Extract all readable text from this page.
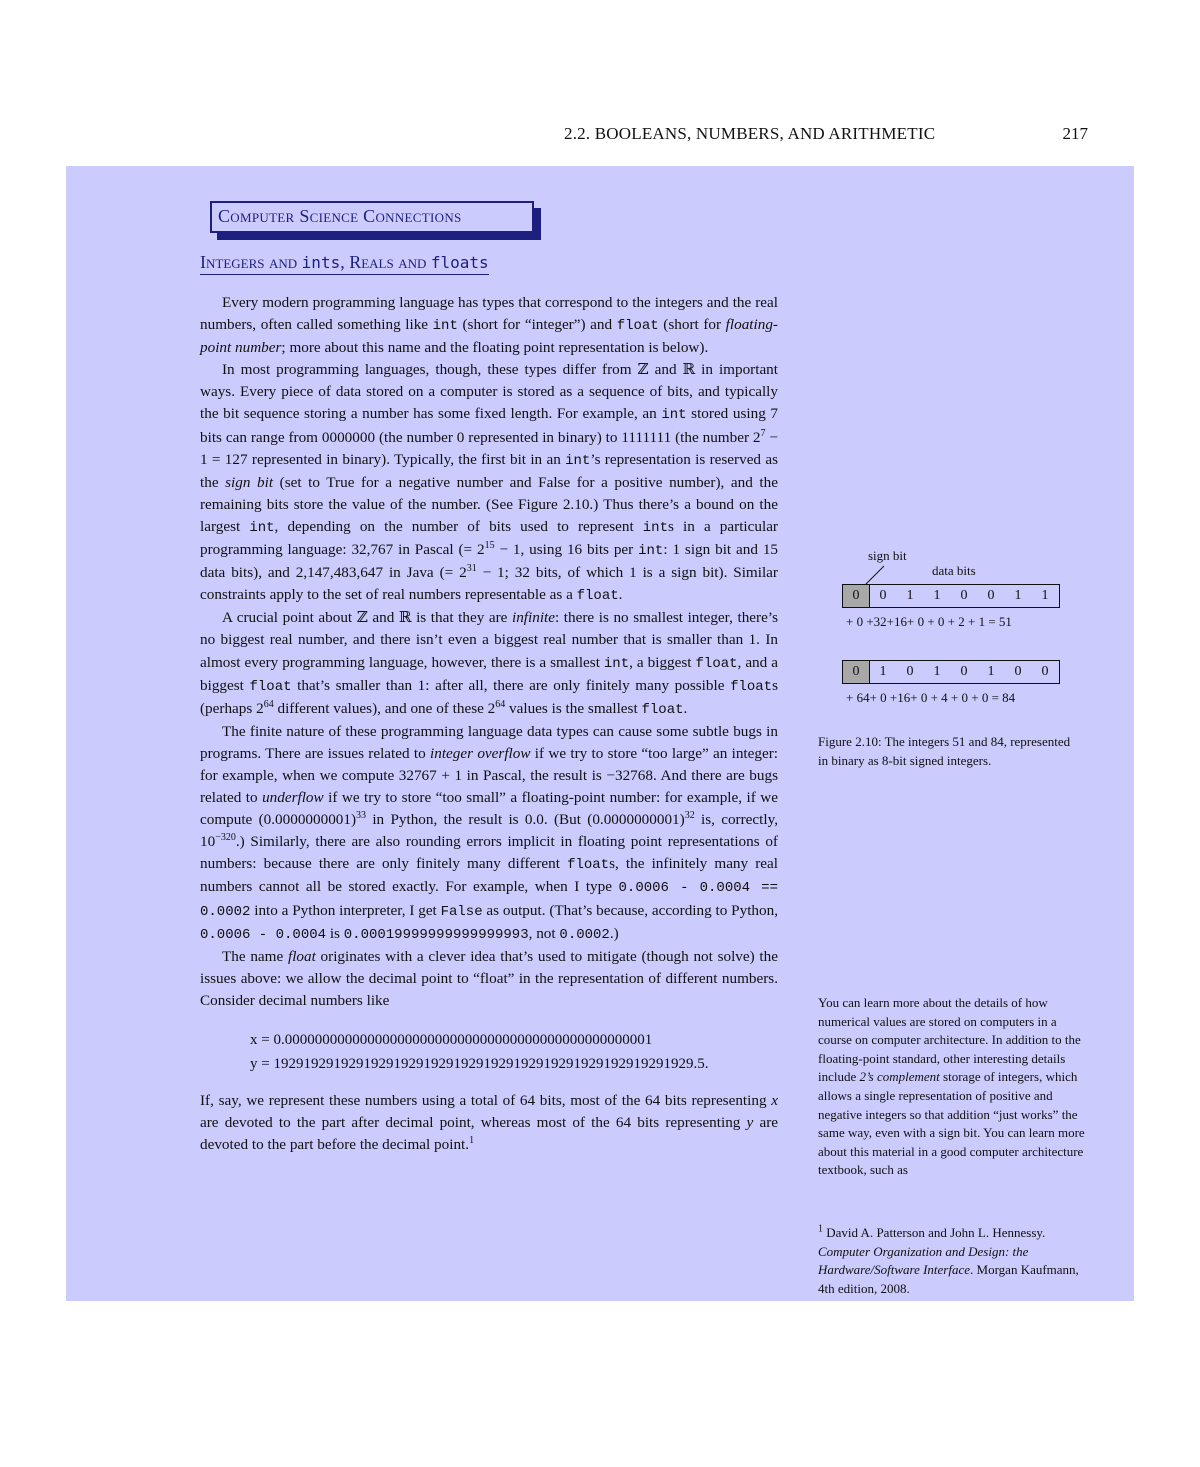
2.2. BOOLEANS, NUMBERS, AND ARITHMETIC	217
Computer Science Connections
Integers and ints, Reals and floats

Every modern programming language has types that correspond to the integers and the real numbers, often called something like int (short for “integer”) and float (short for floating-point number; more about this name and the floating point representation is below).

In most programming languages, though, these types differ from ℤ and ℝ in important ways. Every piece of data stored on a computer is stored as a sequence of bits, and typically the bit sequence storing a number has some fixed length. For example, an int stored using 7 bits can range from 0000000 (the number 0 represented in binary) to 1111111 (the number $2^7 - 1 = 127$ represented in binary). Typically, the first bit in an int’s representation is reserved as the sign bit (set to True for a negative number and False for a positive number), and the remaining bits store the value of the number. (See Figure 2.10.) Thus there’s a bound on the largest int, depending on the number of bits used to represent ints in a particular programming language: 32,767 in Pascal (= $2^{15} - 1$, using 16 bits per int: 1 sign bit and 15 data bits), and 2,147,483,647 in Java (= $2^{31} - 1$; 32 bits, of which 1 is a sign bit). Similar constraints apply to the set of real numbers representable as a float.

A crucial point about ℤ and ℝ is that they are infinite: there is no smallest integer, there’s no biggest real number, and there isn’t even a biggest real number that is smaller than 1. In almost every programming language, however, there is a smallest int, a biggest float, and a biggest float that’s smaller than 1: after all, there are only finitely many possible floats (perhaps $2^{64}$ different values), and one of these $2^{64}$ values is the smallest float.

The finite nature of these programming language data types can cause some subtle bugs in programs. There are issues related to integer overflow if we try to store “too large” an integer: for example, when we compute 32767 + 1 in Pascal, the result is −32768. And there are bugs related to underflow if we try to store “too small” a floating-point number: for example, if we compute $(0.0000000001)^{33}$ in Python, the result is 0.0. (But $(0.0000000001)^{32}$ is, correctly, $10^{-320}$.) Similarly, there are also rounding errors implicit in floating point representations of numbers: because there are only finitely many different floats, the infinitely many real numbers cannot all be stored exactly. For example, when I type 0.0006 - 0.0004 == 0.0002 into a Python interpreter, I get False as output. (That’s because, according to Python, 0.0006 - 0.0004 is 0.00019999999999999993, not 0.0002.)

The name float originates with a clever idea that’s used to mitigate (though not solve) the issues above: we allow the decimal point to “float” in the representation of different numbers. Consider decimal numbers like

x = 0.0000000000000000000000000000000000000000000000001
y = 19291929192919291929192919291929192919291929192919291929.5.

If, say, we represent these numbers using a total of 64 bits, most of the 64 bits representing x are devoted to the part after decimal point, whereas most of the 64 bits representing y are devoted to the part before the decimal point.$^1$

sign bit
data bits
0	0	1	1	0	0	1	1
+ 0 +32+16+ 0 + 0 + 2 + 1 = 51
0	1	0	1	0	1	0	0
+ 64+ 0 +16+ 0 + 4 + 0 + 0 = 84
Figure 2.10: The integers 51 and 84, represented in binary as 8-bit signed integers.
You can learn more about the details of how numerical values are stored on computers in a course on computer architecture. In addition to the floating-point standard, other interesting details include 2’s complement storage of integers, which allows a single representation of positive and negative integers so that addition “just works” the same way, even with a sign bit. You can learn more about this material in a good computer architecture textbook, such as
$^1$ David A. Patterson and John L. Hennessy. Computer Organization and Design: the Hardware/Software Interface. Morgan Kaufmann, 4th edition, 2008.
